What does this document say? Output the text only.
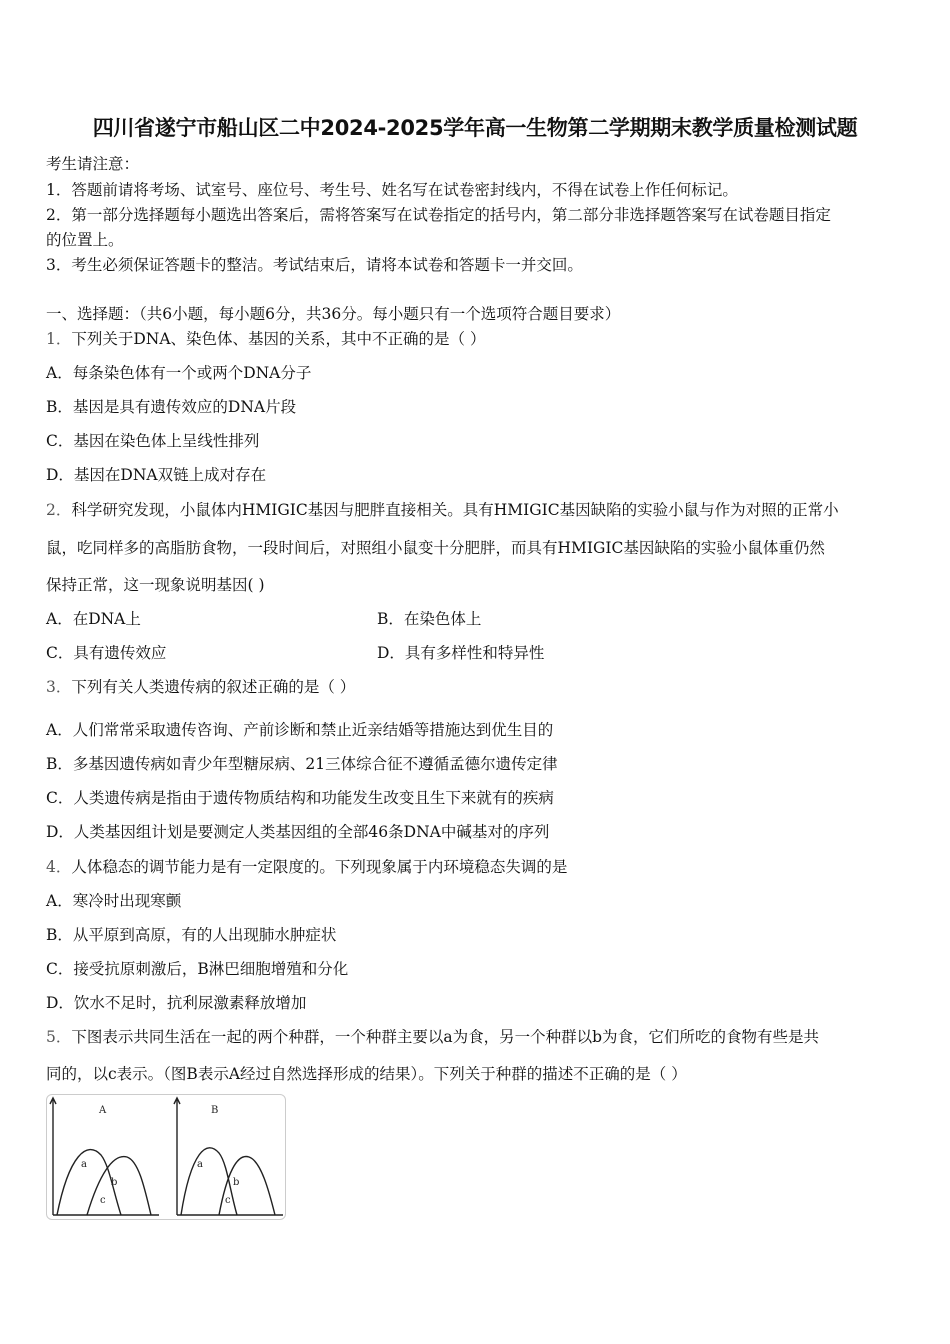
四川省遂宁市船山区二中2024-2025学年高一生物第二学期期末教学质量检测试题
考生请注意：
1．答题前请将考场、试室号、座位号、考生号、姓名写在试卷密封线内，不得在试卷上作任何标记。
2．第一部分选择题每小题选出答案后，需将答案写在试卷指定的括号内，第二部分非选择题答案写在试卷题目指定
的位置上。
3．考生必须保证答题卡的整洁。考试结束后，请将本试卷和答题卡一并交回。
一、选择题：（共6小题，每小题6分，共36分。每小题只有一个选项符合题目要求）
1．下列关于DNA、染色体、基因的关系，其中不正确的是（ ）
A．每条染色体有一个或两个DNA分子
B．基因是具有遗传效应的DNA片段
C．基因在染色体上呈线性排列
D．基因在DNA双链上成对存在
2．科学研究发现，小鼠体内HMIGIC基因与肥胖直接相关。具有HMIGIC基因缺陷的实验小鼠与作为对照的正常小
鼠，吃同样多的高脂肪食物，一段时间后，对照组小鼠变十分肥胖，而具有HMIGIC基因缺陷的实验小鼠体重仍然
保持正常，这一现象说明基因( )
A．在DNA上	B．在染色体上
C．具有遗传效应	D．具有多样性和特异性
3．下列有关人类遗传病的叙述正确的是（ ）
A．人们常常采取遗传咨询、产前诊断和禁止近亲结婚等措施达到优生目的
B．多基因遗传病如青少年型糖尿病、21三体综合征不遵循孟德尔遗传定律
C．人类遗传病是指由于遗传物质结构和功能发生改变且生下来就有的疾病
D．人类基因组计划是要测定人类基因组的全部46条DNA中碱基对的序列
4．人体稳态的调节能力是有一定限度的。下列现象属于内环境稳态失调的是
A．寒冷时出现寒颤
B．从平原到高原，有的人出现肺水肿症状
C．接受抗原刺激后，B淋巴细胞增殖和分化
D．饮水不足时，抗利尿激素释放增加
5．下图表示共同生活在一起的两个种群，一个种群主要以a为食，另一个种群以b为食，它们所吃的食物有些是共
同的，以c表示。（图B表示A经过自然选择形成的结果）。下列关于种群的描述不正确的是（ ）
A	B
a
b
c
a
b
c
